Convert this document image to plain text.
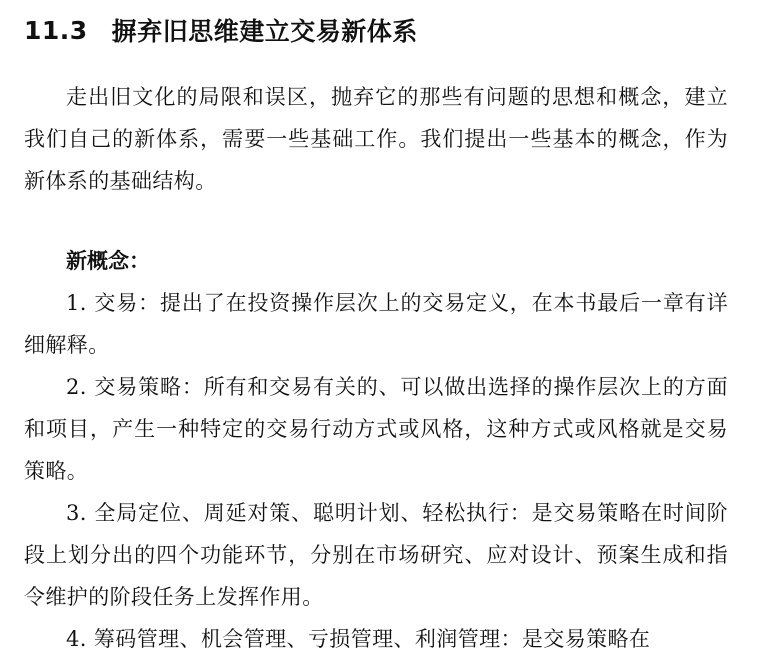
11.3 摒弃旧思维建立交易新体系

走出旧文化的局限和误区，抛弃它的那些有问题的思想和概念，建立我们自己的新体系，需要一些基础工作。我们提出一些基本的概念，作为新体系的基础结构。

新概念：

1. 交易：提出了在投资操作层次上的交易定义，在本书最后一章有详细解释。

2. 交易策略：所有和交易有关的、可以做出选择的操作层次上的方面和项目，产生一种特定的交易行动方式或风格，这种方式或风格就是交易策略。

3. 全局定位、周延对策、聪明计划、轻松执行：是交易策略在时间阶段上划分出的四个功能环节，分别在市场研究、应对设计、预案生成和指令维护的阶段任务上发挥作用。

4. 筹码管理、机会管理、亏损管理、利润管理：是交易策略在
